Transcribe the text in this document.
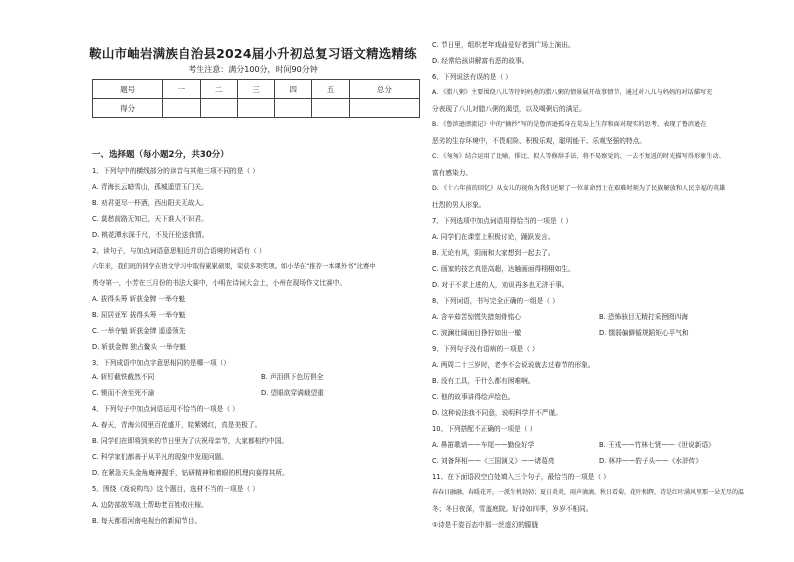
鞍山市岫岩满族自治县2024届小升初总复习语文精选精练
考生注意：满分100分，时间90分钟
题号	一	二	三	四	五	总分
得分						
一、选择题（每小题2分，共30分）
1、下列句中的横线部分的读音与其他三项不同的是（ ）
A. 青海长云暗雪山，孤城遥望玉门关。
B. 劝君更尽一杯酒，西出阳关无故人。
C. 莫愁前路无知己，天下谁人不识君。
D. 桃花潭水深千尺，不及汪伦送我情。
2、读句子，与加点词语意思相近并切合语境的词语有（ ）
六年来，我们班的同学在语文学习中取得累累硕果，荣获多项奖项。如小华在“推荐一本课外书”比赛中
勇夺第一，小芳在三月份的书法大赛中，小明在诗词大会上，小州在现场作文比赛中。
A. 拔得头筹 斩获金牌 一举夺魁
B. 屈居亚军 拔得头筹 一举夺魁
C. 一举夺魁 斩获金牌 遥遥领先
D. 斩获金牌 独占鳌头 一举夺魁
3、下列成语中加点字意思相同的是哪一项（）
A. 斩钉截铁截然不同	B. 声泪俱下色厉俱全
C. 锲而不舍至死不渝	D. 望眼欲穿满载望重
4、下列句子中加点词语运用不恰当的一项是（ ）
A. 春天，青海公园里百花盛开，姹紫嫣红，真是美极了。
B. 同学们在即将到来的节日里为了庆祝母亲节，大家都相约中国。
C. 科学家们都善于从平凡的现象中发现问题。
D. 在紧急关头金角庵神握手，钻研精神和着眼的机理向赛得其所。
5、围绕《戏说构鸟》这个题目，选材不当的一项是（ ）
A. 边防部放军战士帮助老百姓收庄稼。
B. 每天都看河南电视台的新闻节目。
C. 节日里，组织老年戏曲爱好者到广场上演出。
D. 经常给孩讲解富有恶的故事。
6、下列说法有误的是（ ）
A. 《腊八粥》主要围绕八儿等待妈妈煮的腊八粥的情景展开故事情节，通过对八儿与妈妈的对话描写充
分表现了八儿对腊八粥的渴望，以及喝粥后的满足。
B. 《鲁滨逊漂流记》中的“摘抄”写的是鲁滨逊孤身在荒岛上生存和面对现实的思考，表现了鲁滨逊在
恶劣的生存环境中，不畏艰险、积极乐观，聪明能干、乐观坚强的特点。
C. 《匆匆》结合运用了比喻、排比、拟人等修辞手法，将不易察觉的、一去不复返的时光描写得形象生动、
富有感染力。
D. 《十六年前的回忆》从女儿的视角为我们还原了一位革命烈士在艰难时刻为了民族解放和人民幸福的英雄
壮烈的男人形象。
7、下列选项中加点词语用得恰当的一项是（ ）
A. 同学们在课堂上积极讨论，踊跃发言。
B. 无论有风，阴雨和大家想到一起去了。
C. 画家的技艺真是高超，达触画面得栩栩如生。
D. 对于不求上进的人，劝说再多也无济于事。
8、下列词语，书写完全正确的一组是（ ）
A. 含辛茹苦惊慌失措刻骨铭心	B. 恐怖骇目无精打采囫囵四海
C. 波澜壮阔面目狰狞如出一辙	D. 懦弱偏僻循规蹈矩心平气和
9、下列句子没有语病的一项是（ ）
A. 两周二十三岁时，老李不会说说就去过春节的形象。
B. 没有工具，干什么都有困难啊。
C. 他的故事讲得绘声绘色。
D. 这种说法我不同意，说明科学并不严谨。
10、下列搭配不正确的一项是（ ）
A. 鼻笛歌谱——车尾——勤俭好学	B. 王戎——竹林七贤——《世说新语》
C. 刘备拜相——《三国演义》——诸葛亮	D. 林冲——豹子头——《水浒传》
11、在下面语段空白处填入三个句子，最恰当的一项是（ ）
春春日融融，春暖花开，一派生机勃勃；夏日炎炎，雨声滴滴，秋日看菊，花叶相辉，诗是红叶满风里那一朵无尽的温
冬；冬日夜深，雪盖庭院。好诗如四季，岁岁不相同。
①诗是千姿百态中那一丝虚幻的朦胧
